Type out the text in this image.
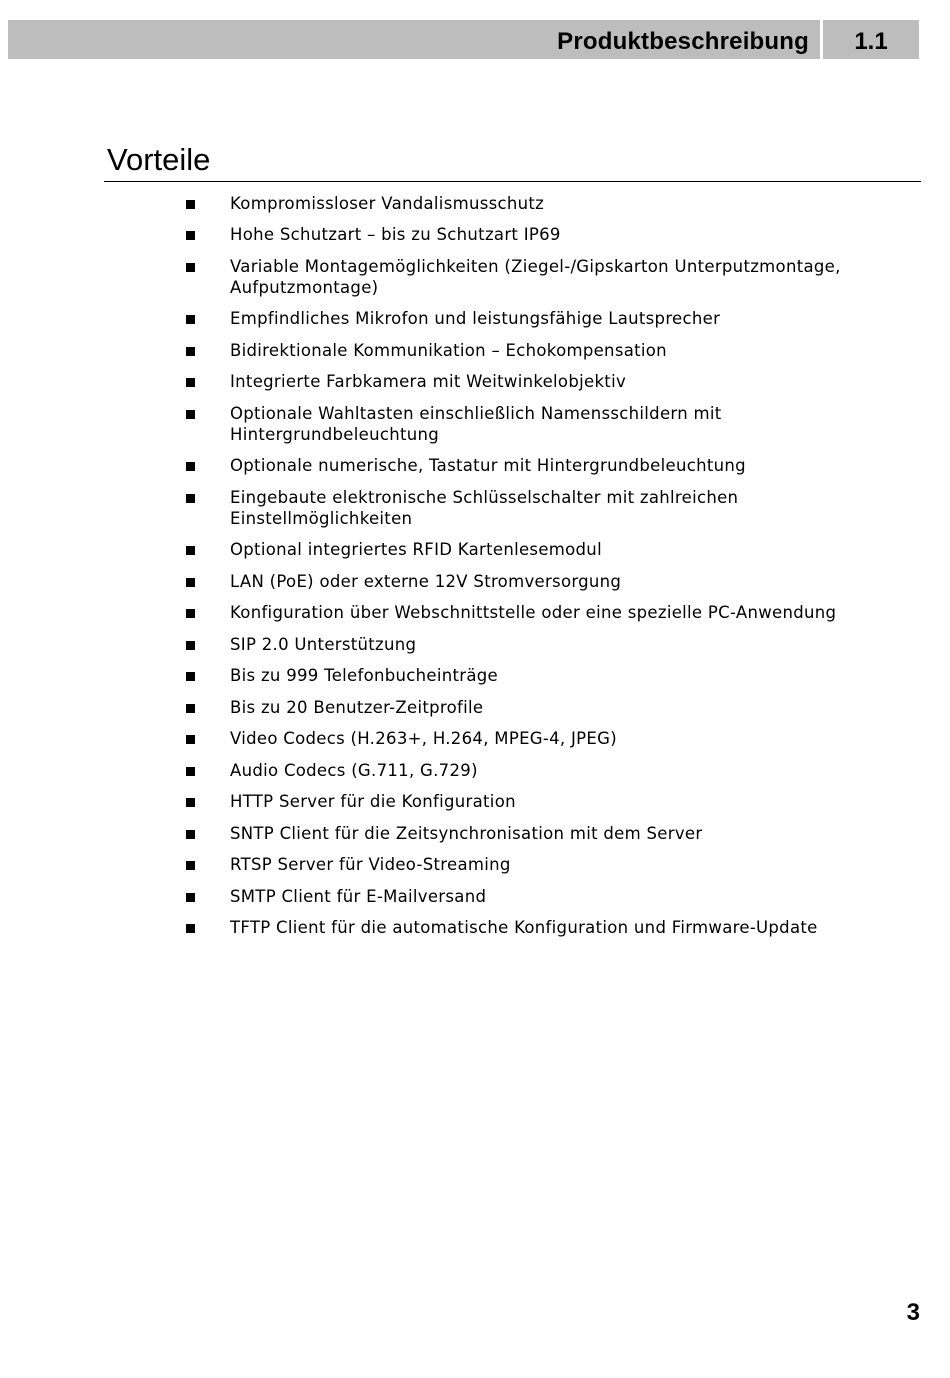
Produktbeschreibung	1.1
Vorteile
Kompromissloser Vandalismusschutz
Hohe Schutzart – bis zu Schutzart IP69
Variable Montagemöglichkeiten (Ziegel-/Gipskarton Unterputzmontage, Aufputzmontage)
Empfindliches Mikrofon und leistungsfähige Lautsprecher
Bidirektionale Kommunikation – Echokompensation
Integrierte Farbkamera mit Weitwinkelobjektiv
Optionale Wahltasten einschließlich Namensschildern mit Hintergrundbeleuchtung
Optionale numerische, Tastatur mit Hintergrundbeleuchtung
Eingebaute elektronische Schlüsselschalter mit zahlreichen Einstellmöglichkeiten
Optional integriertes RFID Kartenlesemodul
LAN (PoE) oder externe 12V Stromversorgung
Konfiguration über Webschnittstelle oder eine spezielle PC-Anwendung
SIP 2.0 Unterstützung
Bis zu 999 Telefonbucheinträge
Bis zu 20 Benutzer-Zeitprofile
Video Codecs (H.263+, H.264, MPEG-4, JPEG)
Audio Codecs (G.711, G.729)
HTTP Server für die Konfiguration
SNTP Client für die Zeitsynchronisation mit dem Server
RTSP Server für Video-Streaming
SMTP Client für E-Mailversand
TFTP Client für die automatische Konfiguration und Firmware-Update
3
